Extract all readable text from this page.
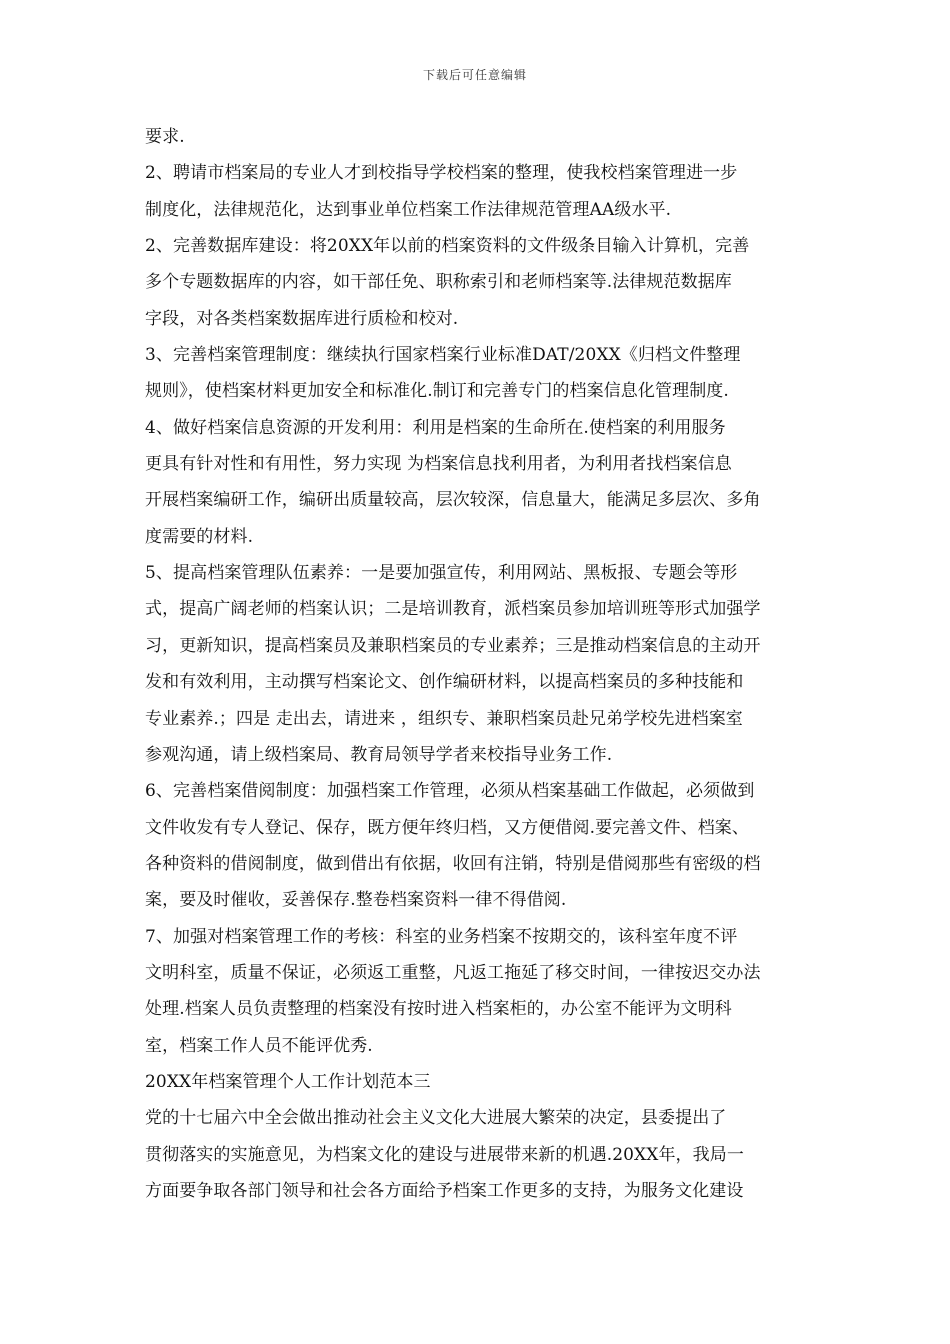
下载后可任意编辑
要求.
2、聘请市档案局的专业人才到校指导学校档案的整理，使我校档案管理进一步
制度化，法律规范化，达到事业单位档案工作法律规范管理AA级水平.
2、完善数据库建设：将20XX年以前的档案资料的文件级条目输入计算机，完善
多个专题数据库的内容，如干部任免、职称索引和老师档案等.法律规范数据库
字段，对各类档案数据库进行质检和校对.
3、完善档案管理制度：继续执行国家档案行业标准DAT/20XX《归档文件整理
规则》，使档案材料更加安全和标准化.制订和完善专门的档案信息化管理制度.
4、做好档案信息资源的开发利用：利用是档案的生命所在.使档案的利用服务
更具有针对性和有用性，努力实现 为档案信息找利用者，为利用者找档案信息
开展档案编研工作，编研出质量较高，层次较深，信息量大，能满足多层次、多角
度需要的材料.
5、提高档案管理队伍素养：一是要加强宣传，利用网站、黑板报、专题会等形
式，提高广阔老师的档案认识；二是培训教育，派档案员参加培训班等形式加强学
习，更新知识，提高档案员及兼职档案员的专业素养；三是推动档案信息的主动开
发和有效利用，主动撰写档案论文、创作编研材料，以提高档案员的多种技能和
专业素养.；四是 走出去，请进来 ，组织专、兼职档案员赴兄弟学校先进档案室
参观沟通，请上级档案局、教育局领导学者来校指导业务工作.
6、完善档案借阅制度：加强档案工作管理，必须从档案基础工作做起，必须做到
文件收发有专人登记、保存，既方便年终归档，又方便借阅.要完善文件、档案、
各种资料的借阅制度，做到借出有依据，收回有注销，特别是借阅那些有密级的档
案，要及时催收，妥善保存.整卷档案资料一律不得借阅.
7、加强对档案管理工作的考核：科室的业务档案不按期交的，该科室年度不评
文明科室，质量不保证，必须返工重整，凡返工拖延了移交时间，一律按迟交办法
处理.档案人员负责整理的档案没有按时进入档案柜的，办公室不能评为文明科
室，档案工作人员不能评优秀.
20XX年档案管理个人工作计划范本三
党的十七届六中全会做出推动社会主义文化大进展大繁荣的决定，县委提出了
贯彻落实的实施意见，为档案文化的建设与进展带来新的机遇.20XX年，我局一
方面要争取各部门领导和社会各方面给予档案工作更多的支持，为服务文化建设
